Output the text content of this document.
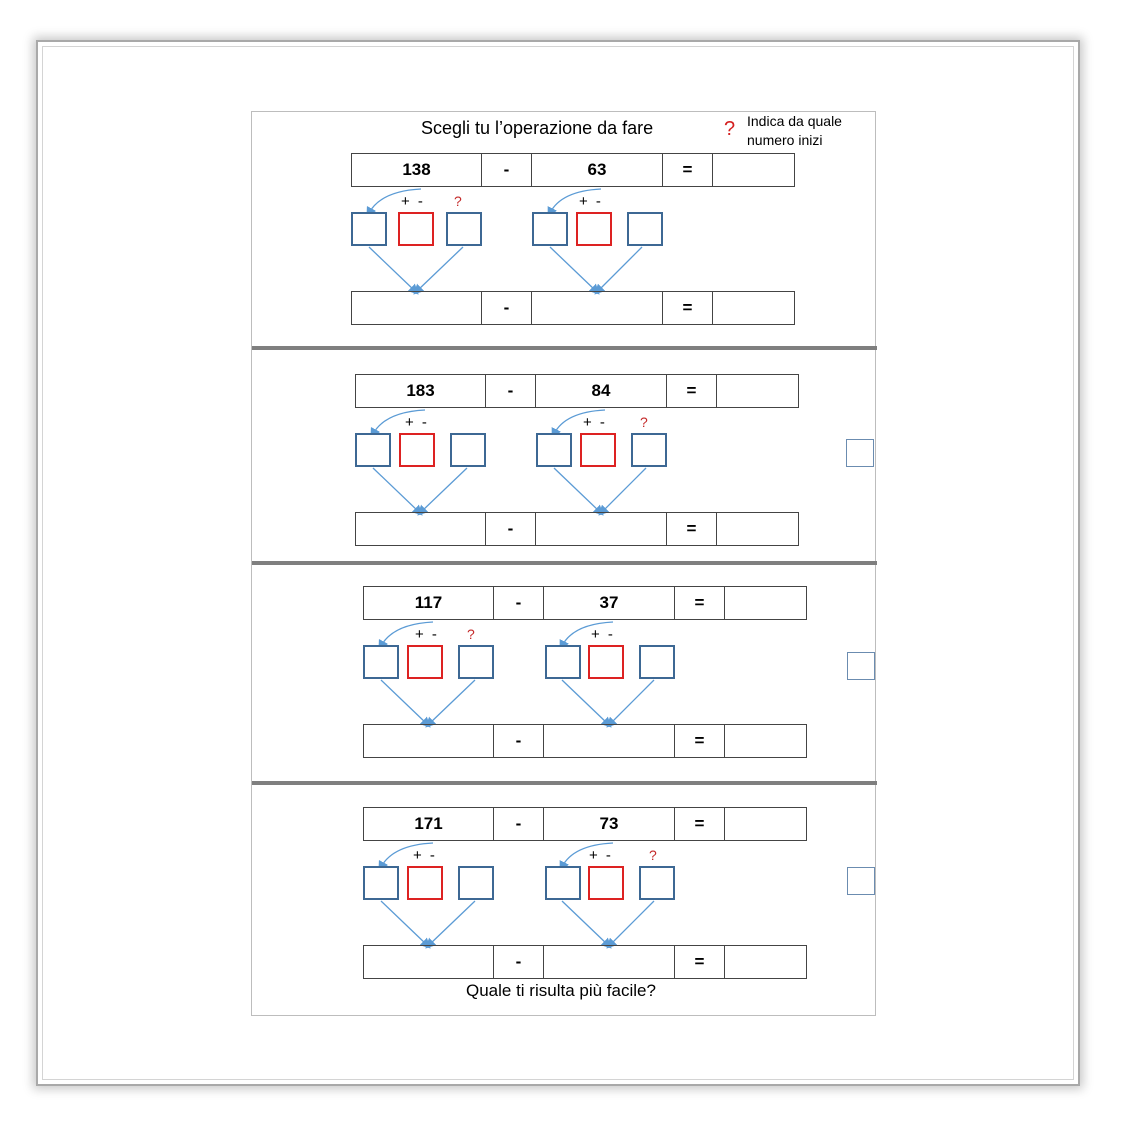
Scegli tu l’operazione da fare	? Indica da quale numero inizi
138	-	63	=
+ - ?	+ -
-	=
183	-	84	=
+ -	+ - ?
-	=
117	-	37	=
+ - ?	+ -
-	=
171	-	73	=
+ -	+ -	?
-	=
Quale ti risulta più facile?
